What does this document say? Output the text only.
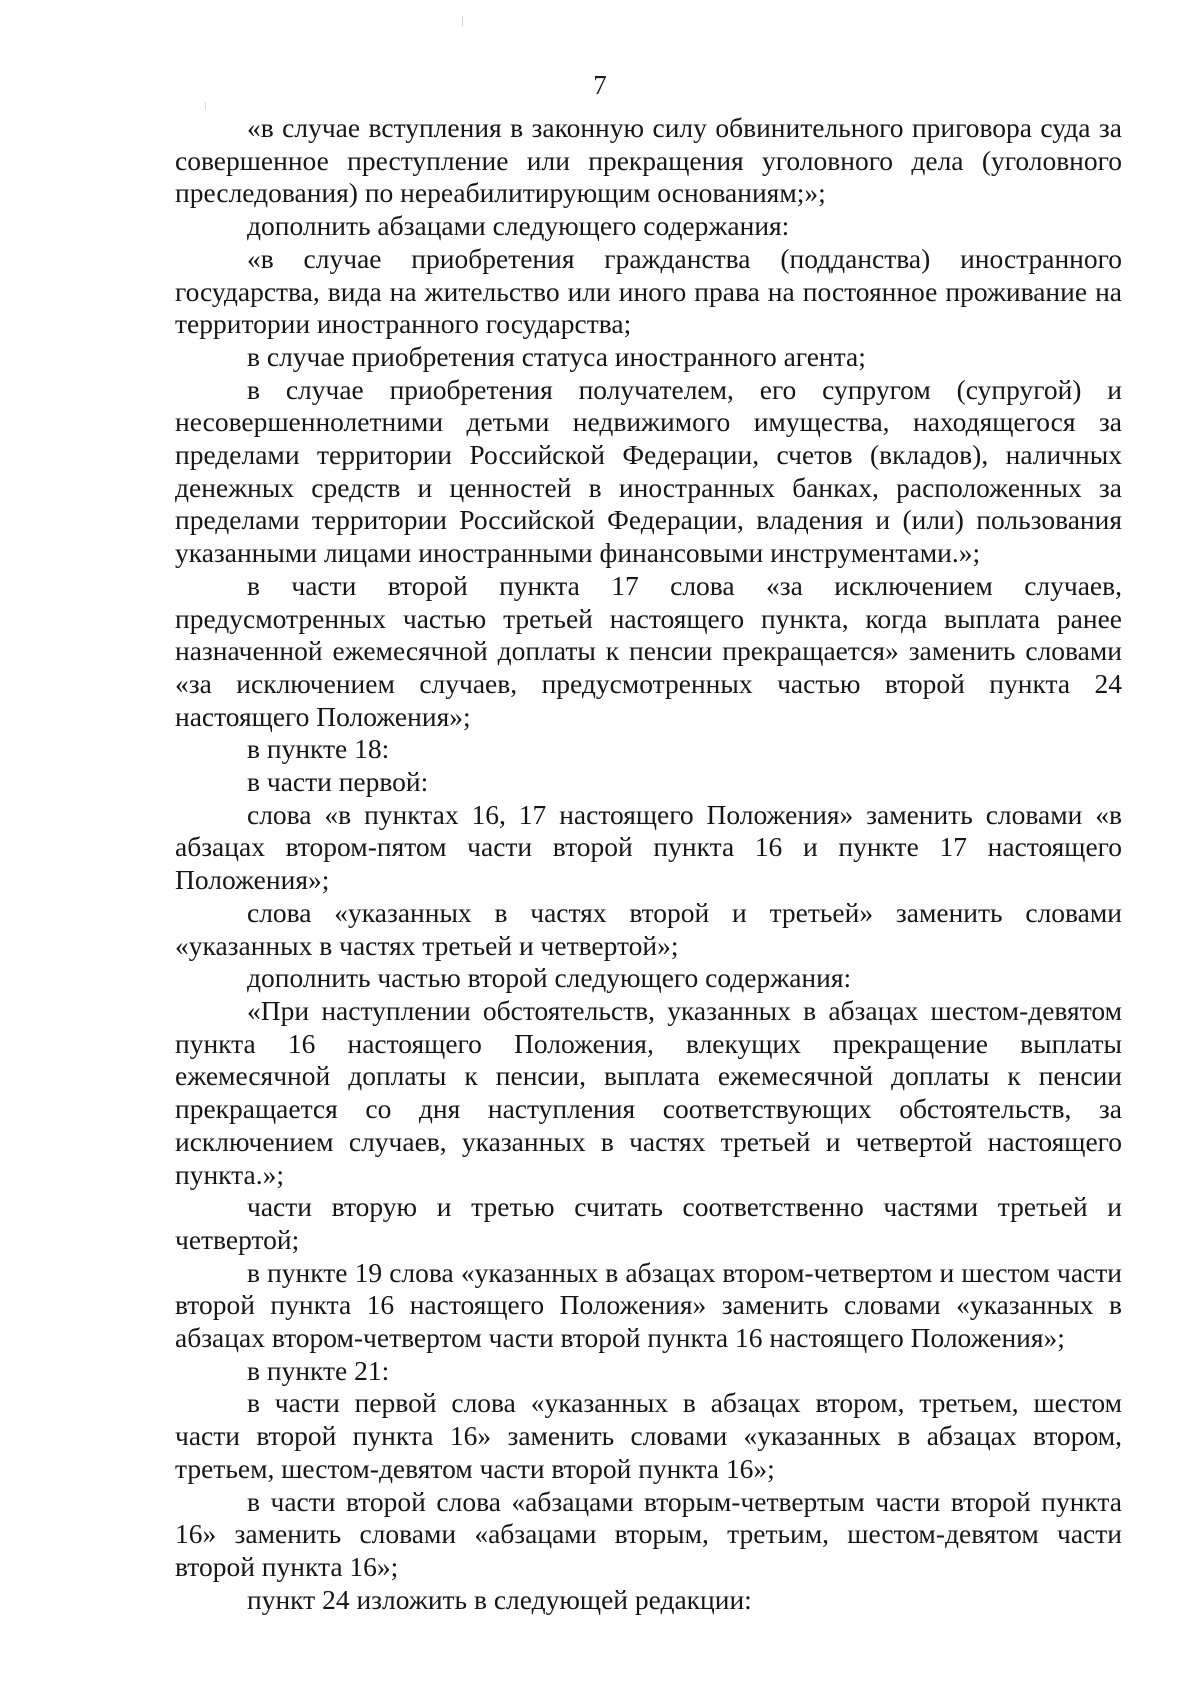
7

«в случае вступления в законную силу обвинительного приговора суда за совершенное преступление или прекращения уголовного дела (уголовного преследования) по нереабилитирующим основаниям;»;

дополнить абзацами следующего содержания:

«в случае приобретения гражданства (подданства) иностранного государства, вида на жительство или иного права на постоянное проживание на территории иностранного государства;

в случае приобретения статуса иностранного агента;

в случае приобретения получателем, его супругом (супругой) и несовершеннолетними детьми недвижимого имущества, находящегося за пределами территории Российской Федерации, счетов (вкладов), наличных денежных средств и ценностей в иностранных банках, расположенных за пределами территории Российской Федерации, владения и (или) пользования указанными лицами иностранными финансовыми инструментами.»;

в части второй пункта 17 слова «за исключением случаев, предусмотренных частью третьей настоящего пункта, когда выплата ранее назначенной ежемесячной доплаты к пенсии прекращается» заменить словами «за исключением случаев, предусмотренных частью второй пункта 24 настоящего Положения»;

в пункте 18:

в части первой:

слова «в пунктах 16, 17 настоящего Положения» заменить словами «в абзацах втором-пятом части второй пункта 16 и пункте 17 настоящего Положения»;

слова «указанных в частях второй и третьей» заменить словами «указанных в частях третьей и четвертой»;

дополнить частью второй следующего содержания:

«При наступлении обстоятельств, указанных в абзацах шестом-девятом пункта 16 настоящего Положения, влекущих прекращение выплаты ежемесячной доплаты к пенсии, выплата ежемесячной доплаты к пенсии прекращается со дня наступления соответствующих обстоятельств, за исключением случаев, указанных в частях третьей и четвертой настоящего пункта.»;

части вторую и третью считать соответственно частями третьей и четвертой;

в пункте 19 слова «указанных в абзацах втором-четвертом и шестом части второй пункта 16 настоящего Положения» заменить словами «указанных в абзацах втором-четвертом части второй пункта 16 настоящего Положения»;

в пункте 21:

в части первой слова «указанных в абзацах втором, третьем, шестом части второй пункта 16» заменить словами «указанных в абзацах втором, третьем, шестом-девятом части второй пункта 16»;

в части второй слова «абзацами вторым-четвертым части второй пункта 16» заменить словами «абзацами вторым, третьим, шестом-девятом части второй пункта 16»;

пункт 24 изложить в следующей редакции:
